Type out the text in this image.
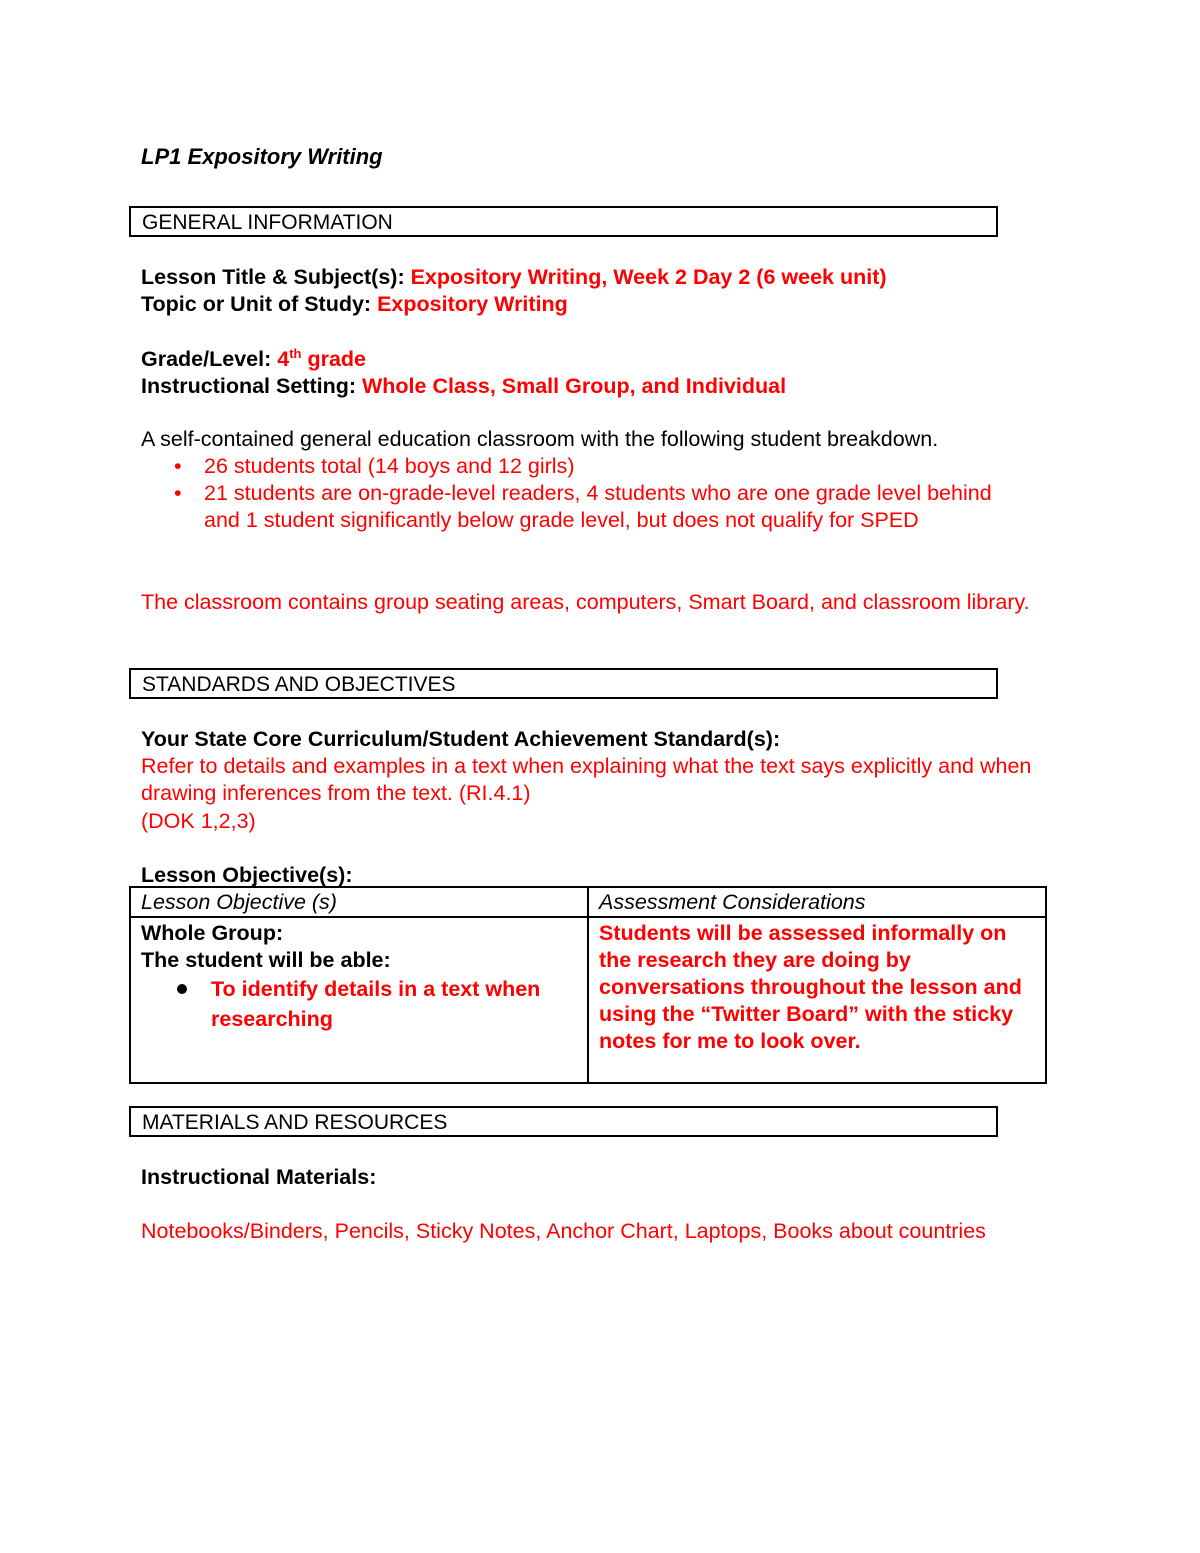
LP1 Expository Writing
GENERAL INFORMATION
Lesson Title & Subject(s): Expository Writing, Week 2 Day 2 (6 week unit)
Topic or Unit of Study: Expository Writing
Grade/Level: 4th grade
Instructional Setting: Whole Class, Small Group, and Individual
A self-contained general education classroom with the following student breakdown.
• 26 students total (14 boys and 12 girls)
• 21 students are on-grade-level readers, 4 students who are one grade level behind and 1 student significantly below grade level, but does not qualify for SPED
The classroom contains group seating areas, computers, Smart Board, and classroom library.
STANDARDS AND OBJECTIVES
Your State Core Curriculum/Student Achievement Standard(s):
Refer to details and examples in a text when explaining what the text says explicitly and when drawing inferences from the text. (RI.4.1)
(DOK 1,2,3)
Lesson Objective(s):
Lesson Objective (s)	Assessment Considerations

Whole Group:
The student will be able:
To identify details in a text when researching	Students will be assessed informally on the research they are doing by conversations throughout the lesson and using the “Twitter Board” with the sticky notes for me to look over.
MATERIALS AND RESOURCES
Instructional Materials:
Notebooks/Binders, Pencils, Sticky Notes, Anchor Chart, Laptops, Books about countries
